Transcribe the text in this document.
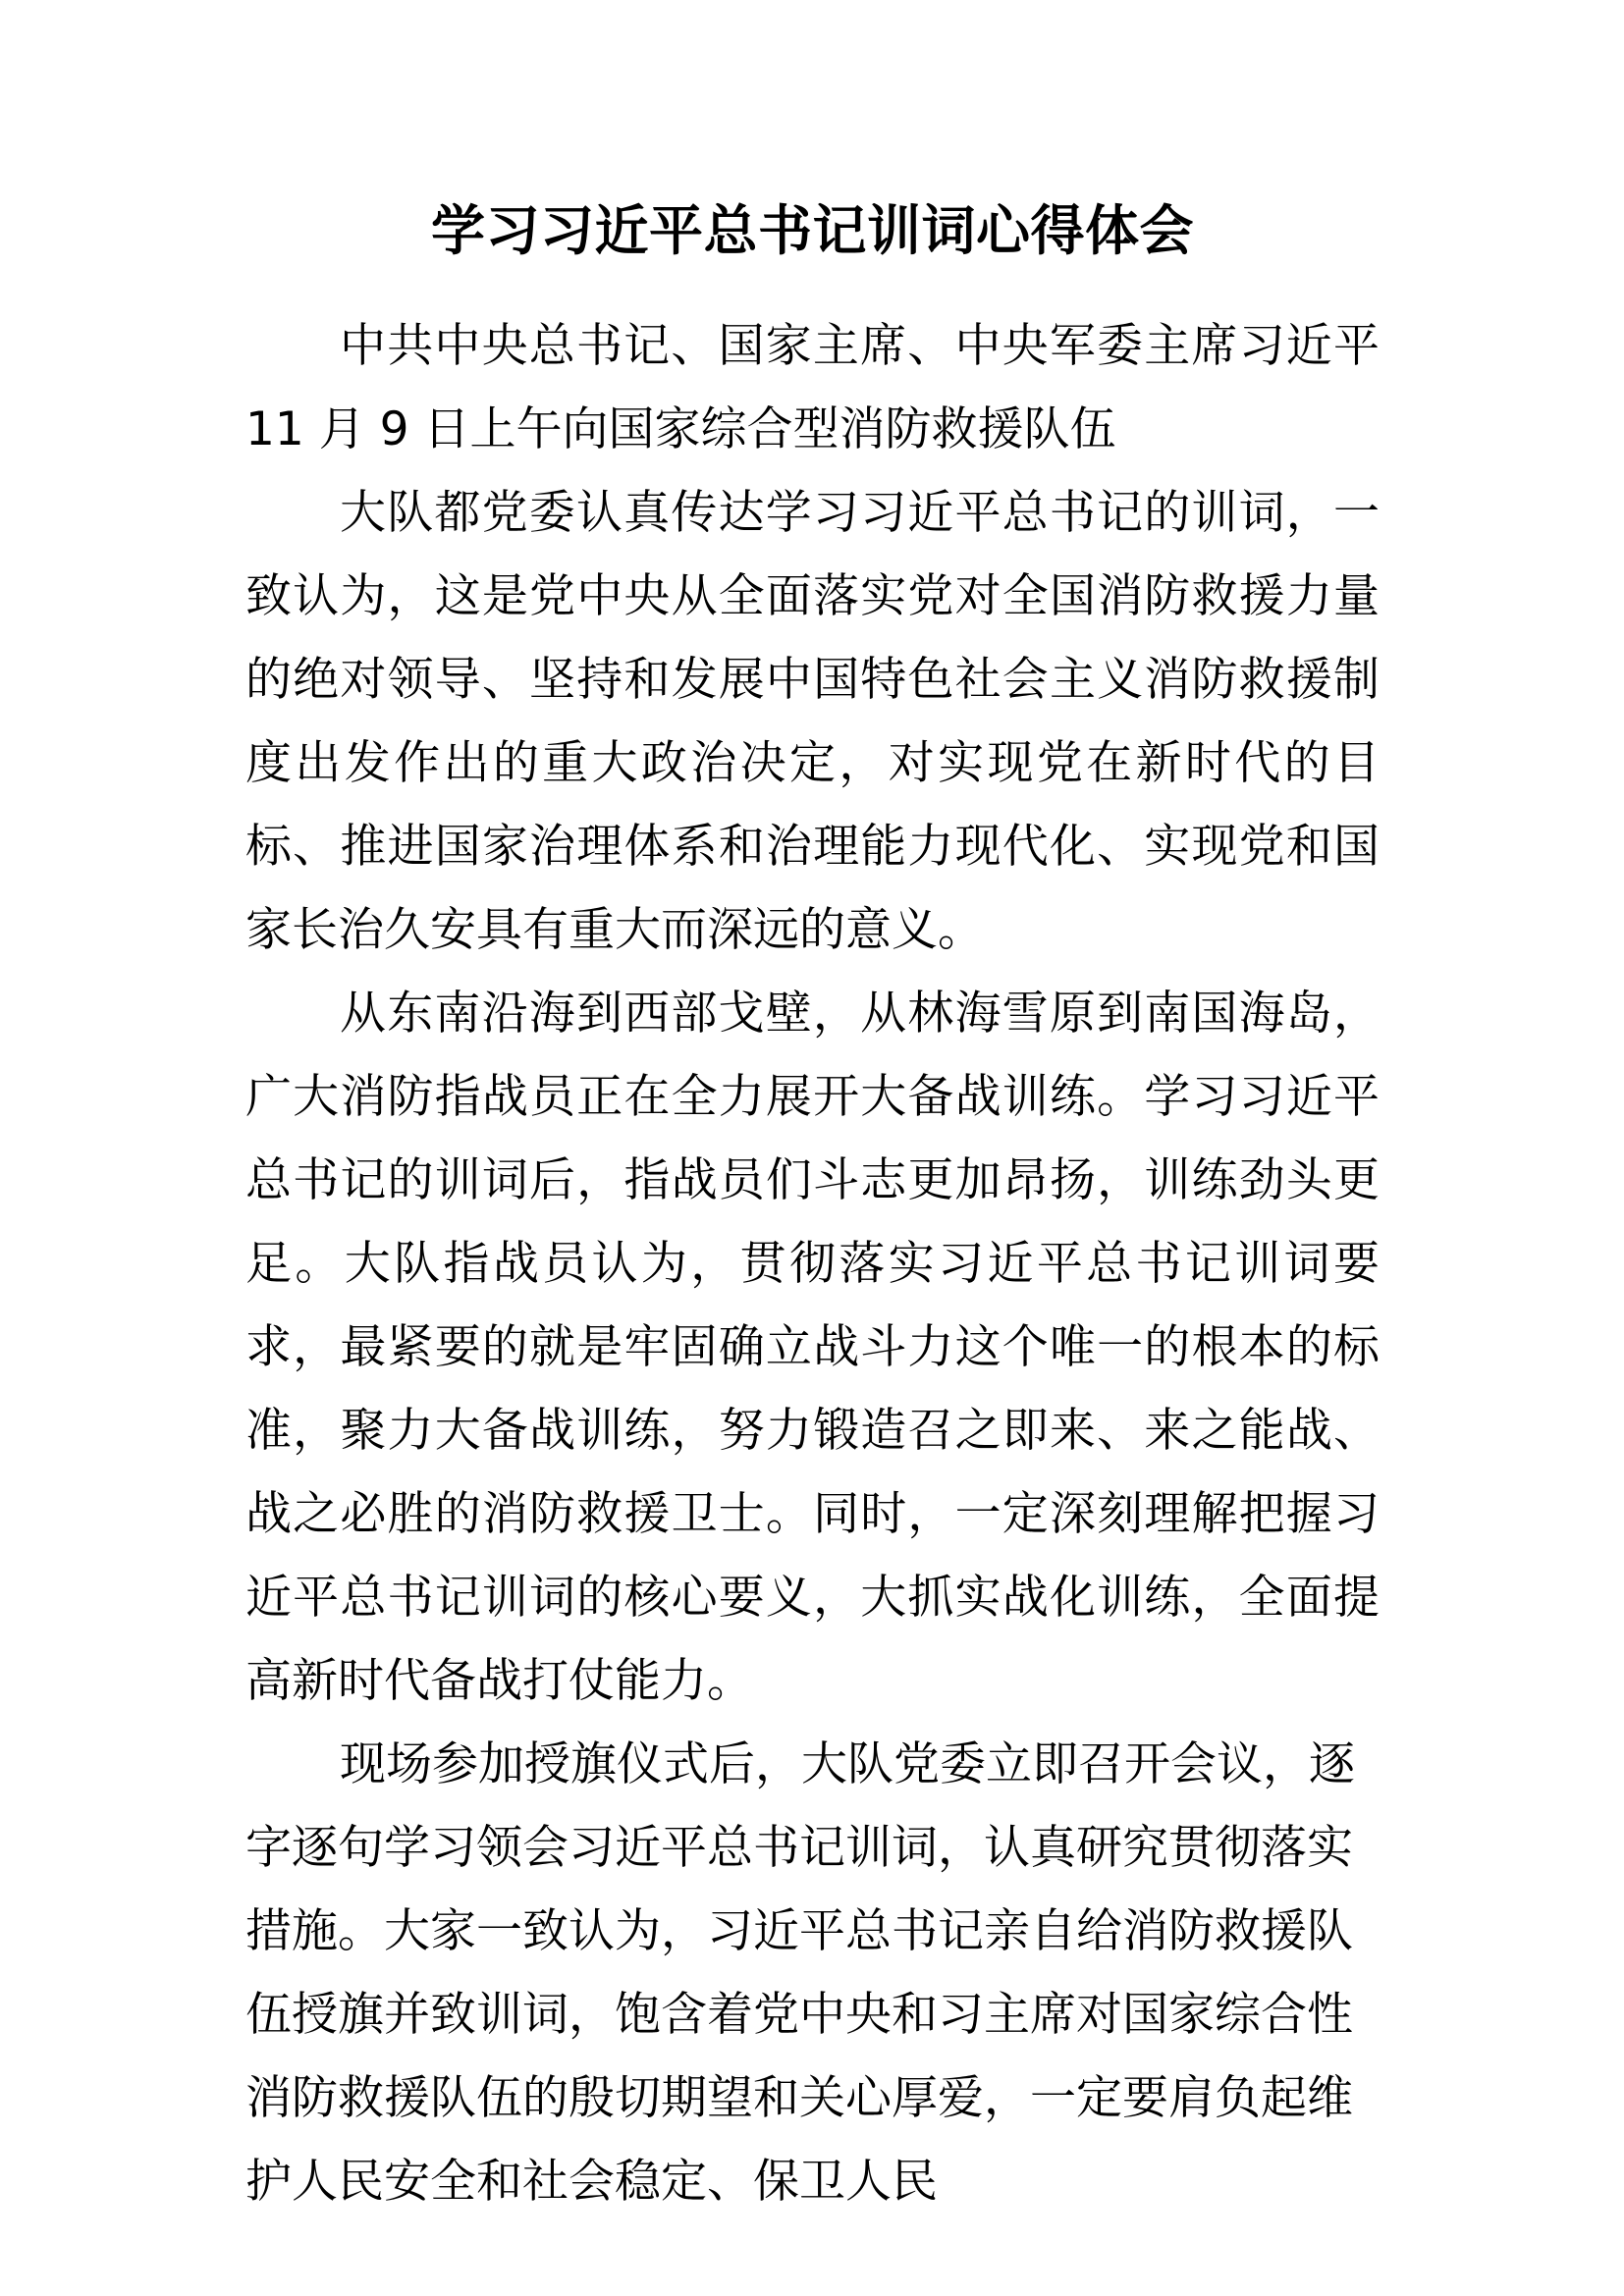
学习习近平总书记训词心得体会

中共中央总书记、国家主席、中央军委主席习近平 11 月 9 日上午向国家综合型消防救援队伍

大队都党委认真传达学习习近平总书记的训词，一致认为，这是党中央从全面落实党对全国消防救援力量的绝对领导、坚持和发展中国特色社会主义消防救援制度出发作出的重大政治决定，对实现党在新时代的目标、推进国家治理体系和治理能力现代化、实现党和国家长治久安具有重大而深远的意义。

从东南沿海到西部戈壁，从林海雪原到南国海岛，广大消防指战员正在全力展开大备战训练。学习习近平总书记的训词后，指战员们斗志更加昂扬，训练劲头更足。大队指战员认为，贯彻落实习近平总书记训词要求，最紧要的就是牢固确立战斗力这个唯一的根本的标准，聚力大备战训练，努力锻造召之即来、来之能战、战之必胜的消防救援卫士。同时，一定深刻理解把握习近平总书记训词的核心要义，大抓实战化训练，全面提高新时代备战打仗能力。

现场参加授旗仪式后，大队党委立即召开会议，逐字逐句学习领会习近平总书记训词，认真研究贯彻落实措施。大家一致认为，习近平总书记亲自给消防救援队伍授旗并致训词，饱含着党中央和习主席对国家综合性消防救援队伍的殷切期望和关心厚爱，一定要肩负起维护人民安全和社会稳定、保卫人民
